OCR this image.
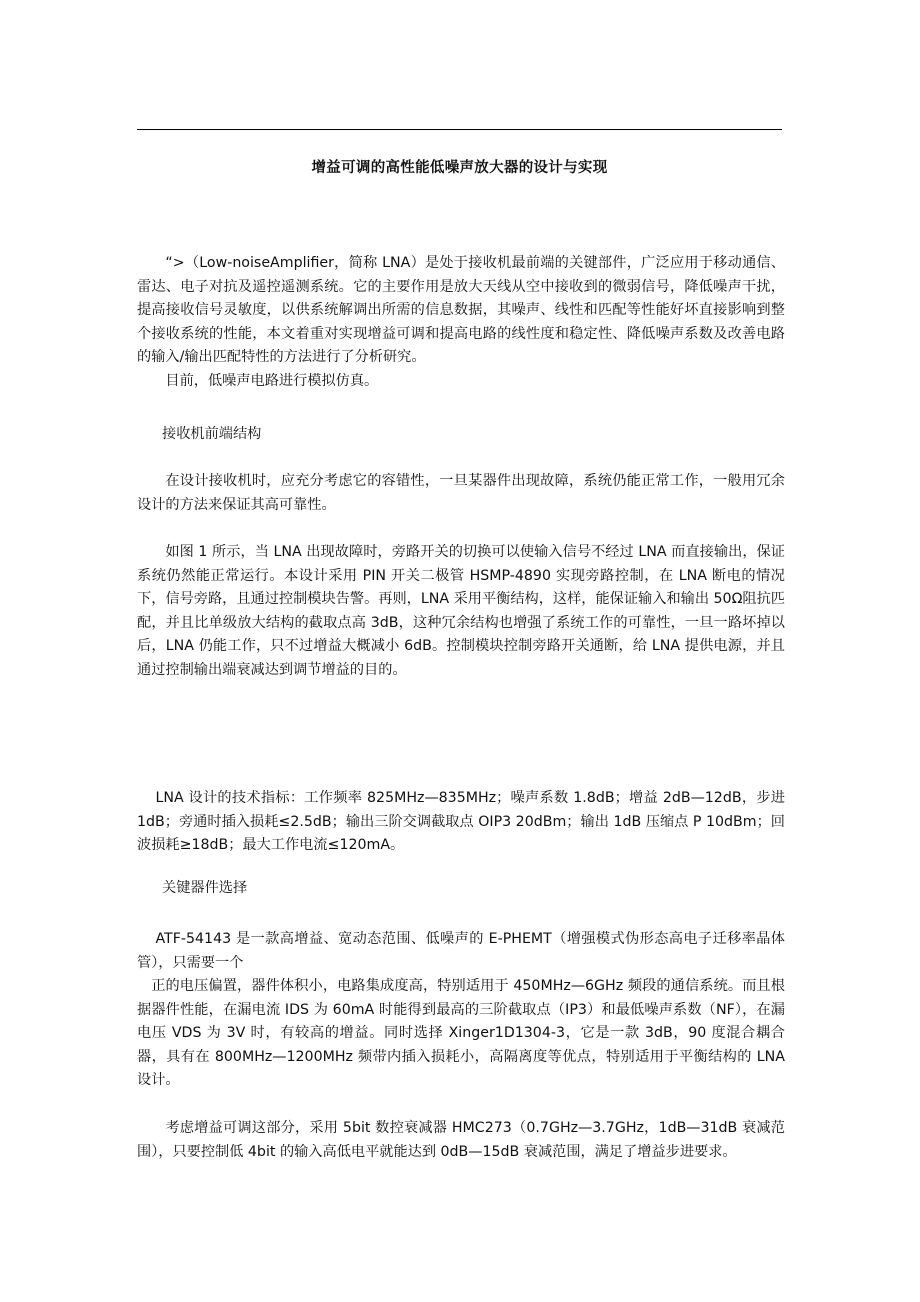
增益可调的高性能低噪声放大器的设计与实现

“>（Low-noiseAmplifier，简称 LNA）是处于接收机最前端的关键部件，广泛应用于移动通信、雷达、电子对抗及遥控遥测系统。它的主要作用是放大天线从空中接收到的微弱信号，降低噪声干扰，提高接收信号灵敏度，以供系统解调出所需的信息数据，其噪声、线性和匹配等性能好坏直接影响到整个接收系统的性能，本文着重对实现增益可调和提高电路的线性度和稳定性、降低噪声系数及改善电路的输入/输出匹配特性的方法进行了分析研究。

目前，低噪声电路进行模拟仿真。

接收机前端结构

在设计接收机时，应充分考虑它的容错性，一旦某器件出现故障，系统仍能正常工作，一般用冗余设计的方法来保证其高可靠性。

如图 1 所示，当 LNA 出现故障时，旁路开关的切换可以使输入信号不经过 LNA 而直接输出，保证系统仍然能正常运行。本设计采用 PIN 开关二极管 HSMP-4890 实现旁路控制，在 LNA 断电的情况下，信号旁路，且通过控制模块告警。再则，LNA 采用平衡结构，这样，能保证输入和输出 50Ω阻抗匹配，并且比单级放大结构的截取点高 3dB，这种冗余结构也增强了系统工作的可靠性，一旦一路坏掉以后，LNA 仍能工作，只不过增益大概减小 6dB。控制模块控制旁路开关通断，给 LNA 提供电源，并且通过控制输出端衰减达到调节增益的目的。

LNA 设计的技术指标：工作频率 825MHz—835MHz；噪声系数 1.8dB；增益 2dB—12dB，步进 1dB；旁通时插入损耗≤2.5dB；输出三阶交调截取点 OIP3 20dBm；输出 1dB 压缩点 P 10dBm；回波损耗≥18dB；最大工作电流≤120mA。

关键器件选择

ATF-54143 是一款高增益、宽动态范围、低噪声的 E-PHEMT（增强模式伪形态高电子迁移率晶体管），只需要一个

正的电压偏置，器件体积小，电路集成度高，特别适用于 450MHz—6GHz 频段的通信系统。而且根据器件性能，在漏电流 IDS 为 60mA 时能得到最高的三阶截取点（IP3）和最低噪声系数（NF），在漏电压 VDS 为 3V 时，有较高的增益。同时选择 Xinger1D1304-3，它是一款 3dB，90 度混合耦合器，具有在 800MHz—1200MHz 频带内插入损耗小，高隔离度等优点，特别适用于平衡结构的 LNA 设计。

考虑增益可调这部分，采用 5bit 数控衰减器 HMC273（0.7GHz—3.7GHz，1dB—31dB 衰减范围），只要控制低 4bit 的输入高低电平就能达到 0dB—15dB 衰减范围，满足了增益步进要求。
